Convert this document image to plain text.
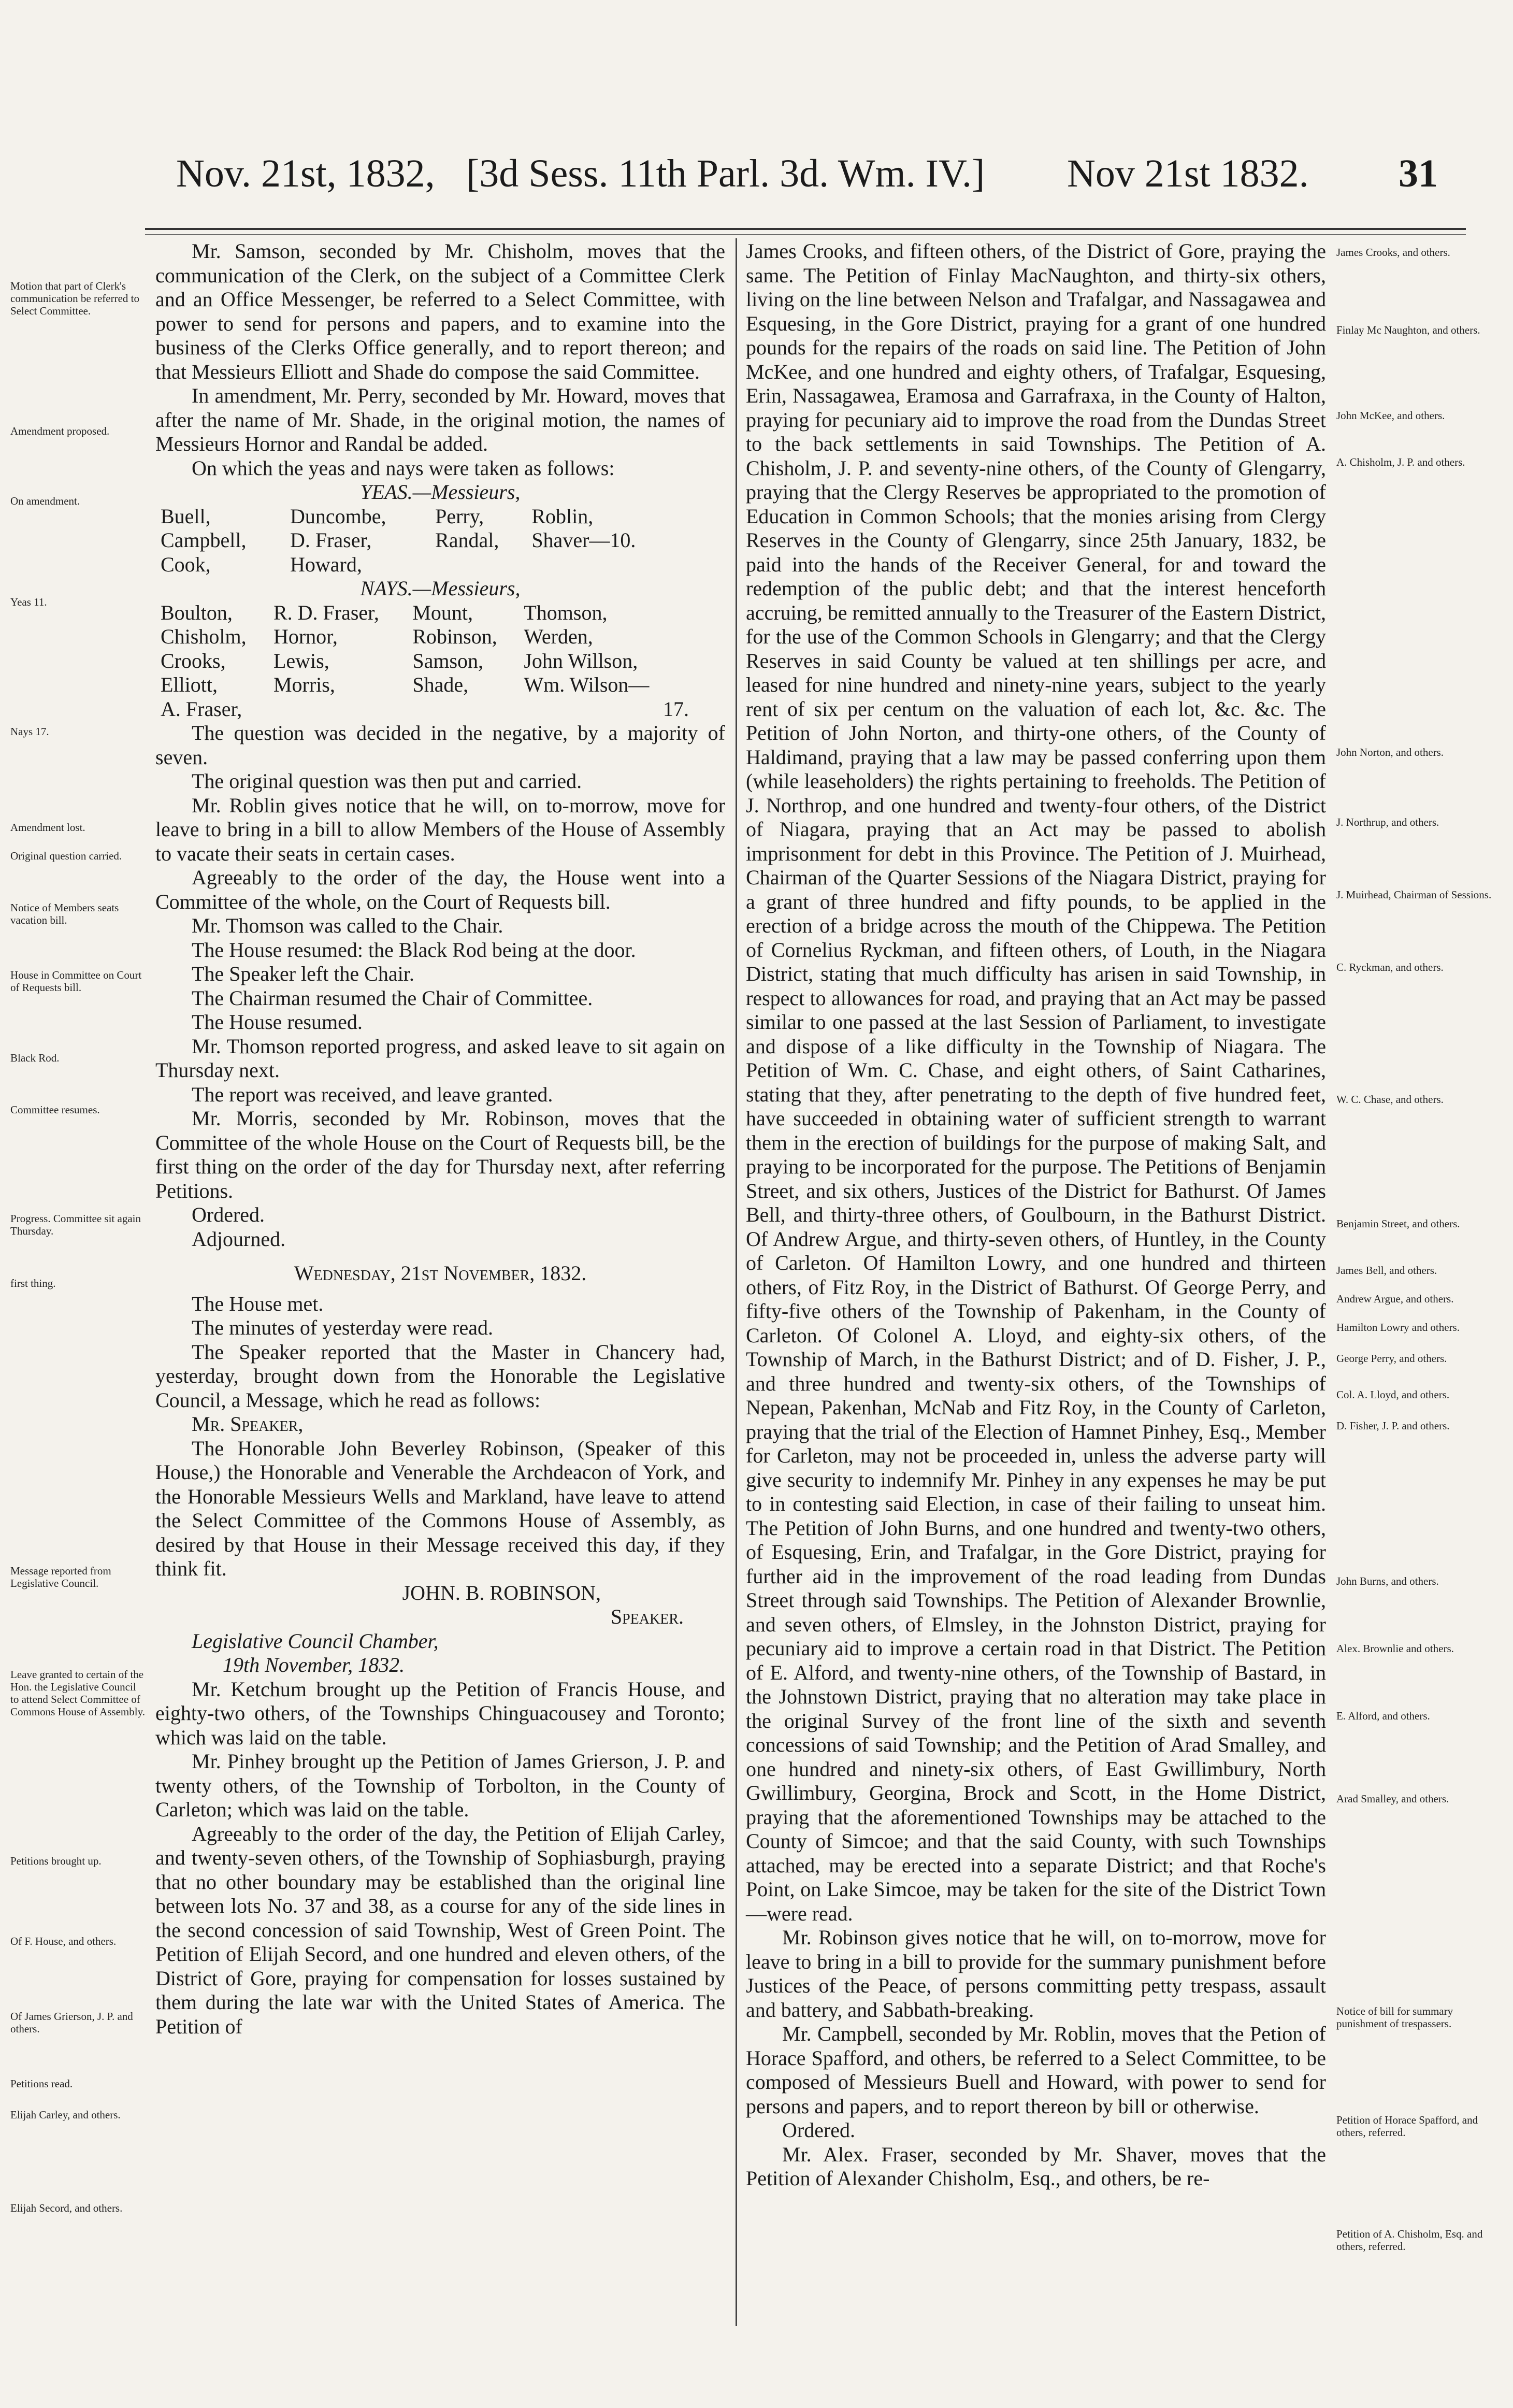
Nov. 21st, 1832, [3d Sess. 11th Parl. 3d. Wm. IV.] Nov 21st 1832. 31
Motion that part of Clerk's communication be referred to Select Committee.
Amendment proposed.
On amendment.
Yeas 11.
Nays 17.
Amendment lost.
Original question carried.
Notice of Members seats vacation bill.
House in Committee on Court of Requests bill.
Black Rod.
Committee resumes.
Progress. Committee sit again Thursday.
first thing.
Message reported from Legislative Council.
Leave granted to certain of the Hon. the Legislative Council to attend Select Committee of Commons House of Assembly.
Petitions brought up.
Of F. House, and others.
Of James Grierson, J. P. and others.
Petitions read.
Elijah Carley, and others.
Elijah Secord, and others.

Mr. Samson, seconded by Mr. Chisholm, moves that the communication of the Clerk, on the subject of a Committee Clerk and an Office Messenger, be referred to a Select Committee, with power to send for persons and papers, and to examine into the business of the Clerks Office generally, and to report thereon; and that Messieurs Elliott and Shade do compose the said Committee.

In amendment, Mr. Perry, seconded by Mr. Howard, moves that after the name of Mr. Shade, in the original motion, the names of Messieurs Hornor and Randal be added.

On which the yeas and nays were taken as follows:

YEAS.—Messieurs,

Buell,	Duncombe,	Perry,	Roblin,
Campbell,	D. Fraser,	Randal,	Shaver—10.
Cook,	Howard,		

NAYS.—Messieurs,

Boulton,	R. D. Fraser,	Mount,	Thomson,
Chisholm,	Hornor,	Robinson,	Werden,
Crooks,	Lewis,	Samson,	John Willson,
Elliott,	Morris,	Shade,	Wm. Wilson—
A. Fraser,			17.

The question was decided in the negative, by a majority of seven.

The original question was then put and carried.

Mr. Roblin gives notice that he will, on to-morrow, move for leave to bring in a bill to allow Members of the House of Assembly to vacate their seats in certain cases.

Agreeably to the order of the day, the House went into a Committee of the whole, on the Court of Requests bill.

Mr. Thomson was called to the Chair.

The House resumed: the Black Rod being at the door.

The Speaker left the Chair.

The Chairman resumed the Chair of Committee.

The House resumed.

Mr. Thomson reported progress, and asked leave to sit again on Thursday next.

The report was received, and leave granted.

Mr. Morris, seconded by Mr. Robinson, moves that the Committee of the whole House on the Court of Requests bill, be the first thing on the order of the day for Thursday next, after referring Petitions.

Ordered.

Adjourned.

Wednesday, 21st November, 1832.

The House met.

The minutes of yesterday were read.

The Speaker reported that the Master in Chancery had, yesterday, brought down from the Honorable the Legislative Council, a Message, which he read as follows:

Mr. Speaker,

The Honorable John Beverley Robinson, (Speaker of this House,) the Honorable and Venerable the Archdeacon of York, and the Honorable Messieurs Wells and Markland, have leave to attend the Select Committee of the Commons House of Assembly, as desired by that House in their Message received this day, if they think fit.

JOHN. B. ROBINSON,

Speaker.

Legislative Council Chamber,

19th November, 1832.

Mr. Ketchum brought up the Petition of Francis House, and eighty-two others, of the Townships Chinguacousey and Toronto; which was laid on the table.

Mr. Pinhey brought up the Petition of James Grierson, J. P. and twenty others, of the Township of Torbolton, in the County of Carleton; which was laid on the table.

Agreeably to the order of the day, the Petition of Elijah Carley, and twenty-seven others, of the Township of Sophiasburgh, praying that no other boundary may be established than the original line between lots No. 37 and 38, as a course for any of the side lines in the second concession of said Township, West of Green Point. The Petition of Elijah Secord, and one hundred and eleven others, of the District of Gore, praying for compensation for losses sustained by them during the late war with the United States of America. The Petition of

James Crooks, and fifteen others, of the District of Gore, praying the same. The Petition of Finlay MacNaughton, and thirty-six others, living on the line between Nelson and Trafalgar, and Nassagawea and Esquesing, in the Gore District, praying for a grant of one hundred pounds for the repairs of the roads on said line. The Petition of John McKee, and one hundred and eighty others, of Trafalgar, Esquesing, Erin, Nassagawea, Eramosa and Garrafraxa, in the County of Halton, praying for pecuniary aid to improve the road from the Dundas Street to the back settlements in said Townships. The Petition of A. Chisholm, J. P. and seventy-nine others, of the County of Glengarry, praying that the Clergy Reserves be appropriated to the promotion of Education in Common Schools; that the monies arising from Clergy Reserves in the County of Glengarry, since 25th January, 1832, be paid into the hands of the Receiver General, for and toward the redemption of the public debt; and that the interest henceforth accruing, be remitted annually to the Treasurer of the Eastern District, for the use of the Common Schools in Glengarry; and that the Clergy Reserves in said County be valued at ten shillings per acre, and leased for nine hundred and ninety-nine years, subject to the yearly rent of six per centum on the valuation of each lot, &c. &c. The Petition of John Norton, and thirty-one others, of the County of Haldimand, praying that a law may be passed conferring upon them (while leaseholders) the rights pertaining to freeholds. The Petition of J. Northrop, and one hundred and twenty-four others, of the District of Niagara, praying that an Act may be passed to abolish imprisonment for debt in this Province. The Petition of J. Muirhead, Chairman of the Quarter Sessions of the Niagara District, praying for a grant of three hundred and fifty pounds, to be applied in the erection of a bridge across the mouth of the Chippewa. The Petition of Cornelius Ryckman, and fifteen others, of Louth, in the Niagara District, stating that much difficulty has arisen in said Township, in respect to allowances for road, and praying that an Act may be passed similar to one passed at the last Session of Parliament, to investigate and dispose of a like difficulty in the Township of Niagara. The Petition of Wm. C. Chase, and eight others, of Saint Catharines, stating that they, after penetrating to the depth of five hundred feet, have succeeded in obtaining water of sufficient strength to warrant them in the erection of buildings for the purpose of making Salt, and praying to be incorporated for the purpose. The Petitions of Benjamin Street, and six others, Justices of the District for Bathurst. Of James Bell, and thirty-three others, of Goulbourn, in the Bathurst District. Of Andrew Argue, and thirty-seven others, of Huntley, in the County of Carleton. Of Hamilton Lowry, and one hundred and thirteen others, of Fitz Roy, in the District of Bathurst. Of George Perry, and fifty-five others of the Township of Pakenham, in the County of Carleton. Of Colonel A. Lloyd, and eighty-six others, of the Township of March, in the Bathurst District; and of D. Fisher, J. P., and three hundred and twenty-six others, of the Townships of Nepean, Pakenhan, McNab and Fitz Roy, in the County of Carleton, praying that the trial of the Election of Hamnet Pinhey, Esq., Member for Carleton, may not be proceeded in, unless the adverse party will give security to indemnify Mr. Pinhey in any expenses he may be put to in contesting said Election, in case of their failing to unseat him. The Petition of John Burns, and one hundred and twenty-two others, of Esquesing, Erin, and Trafalgar, in the Gore District, praying for further aid in the improvement of the road leading from Dundas Street through said Townships. The Petition of Alexander Brownlie, and seven others, of Elmsley, in the Johnston District, praying for pecuniary aid to improve a certain road in that District. The Petition of E. Alford, and twenty-nine others, of the Township of Bastard, in the Johnstown District, praying that no alteration may take place in the original Survey of the front line of the sixth and seventh concessions of said Township; and the Petition of Arad Smalley, and one hundred and ninety-six others, of East Gwillimbury, North Gwillimbury, Georgina, Brock and Scott, in the Home District, praying that the aforementioned Townships may be attached to the County of Simcoe; and that the said County, with such Townships attached, may be erected into a separate District; and that Roche's Point, on Lake Simcoe, may be taken for the site of the District Town—were read.

Mr. Robinson gives notice that he will, on to-morrow, move for leave to bring in a bill to provide for the summary punishment before Justices of the Peace, of persons committing petty trespass, assault and battery, and Sabbath-breaking.

Mr. Campbell, seconded by Mr. Roblin, moves that the Petion of Horace Spafford, and others, be referred to a Select Committee, to be composed of Messieurs Buell and Howard, with power to send for persons and papers, and to report thereon by bill or otherwise.

Ordered.

Mr. Alex. Fraser, seconded by Mr. Shaver, moves that the Petition of Alexander Chisholm, Esq., and others, be re-

James Crooks, and others.
Finlay Mc Naughton, and others.
John McKee, and others.
A. Chisholm, J. P. and others.
John Norton, and others.
J. Northrup, and others.
J. Muirhead, Chairman of Sessions.
C. Ryckman, and others.
W. C. Chase, and others.
Benjamin Street, and others.
James Bell, and others.
Andrew Argue, and others.
Hamilton Lowry and others.
George Perry, and others.
Col. A. Lloyd, and others.
D. Fisher, J. P. and others.
John Burns, and others.
Alex. Brownlie and others.
E. Alford, and others.
Arad Smalley, and others.
Notice of bill for summary punishment of trespassers.
Petition of Horace Spafford, and others, referred.
Petition of A. Chisholm, Esq. and others, referred.
